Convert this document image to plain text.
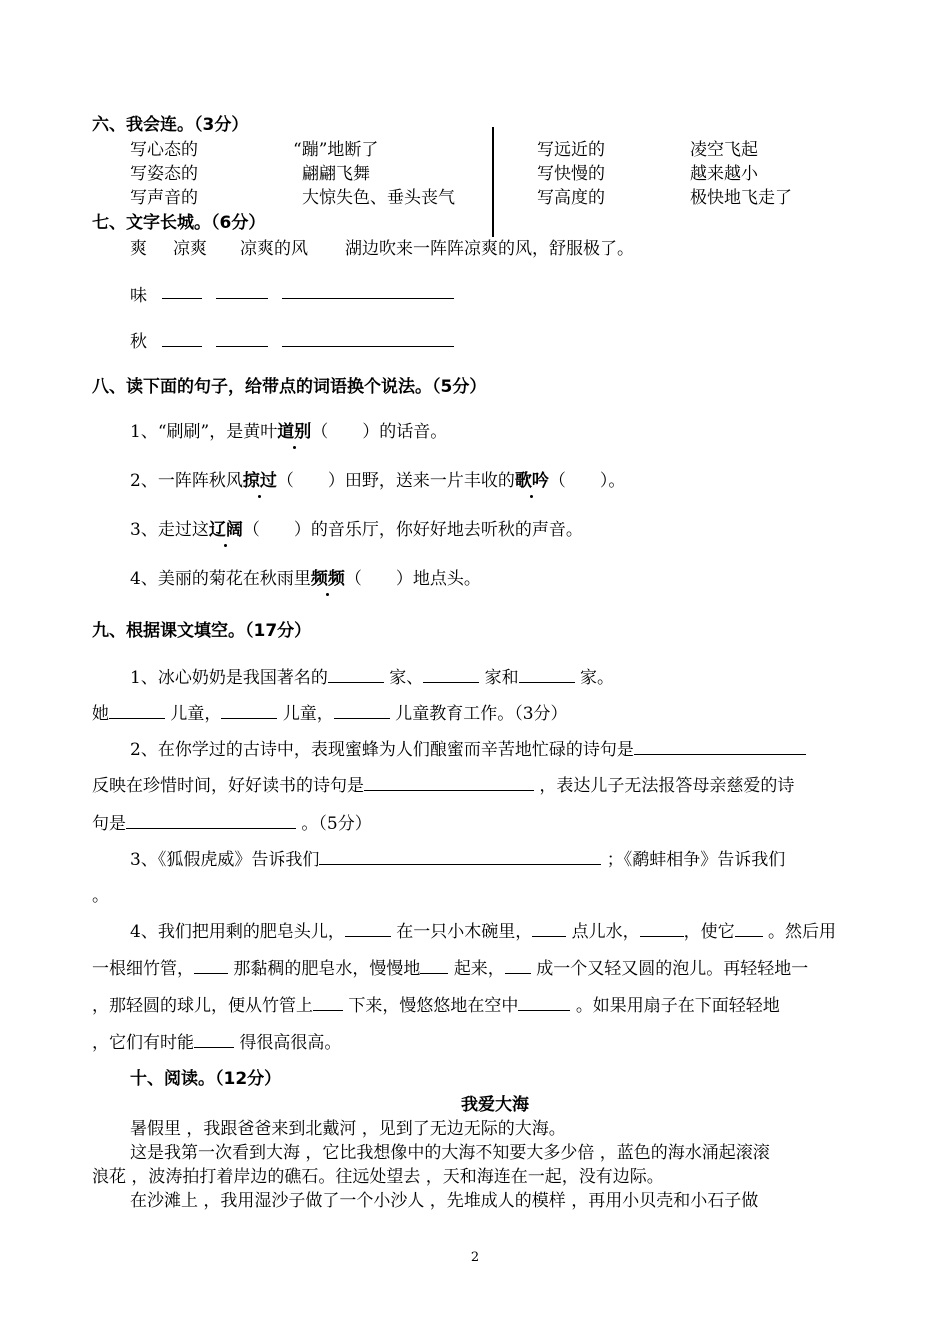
六、我会连。（3分）
写心态的	“蹦”地断了
写姿态的	翩翩飞舞
写声音的	大惊失色、垂头丧气
写远近的	凌空飞起
写快慢的	越来越小
写高度的	极快地飞走了
七、文字长城。（6分）
爽 凉爽 凉爽的风 湖边吹来一阵阵凉爽的风，舒服极了。
味
秋
八、读下面的句子，给带点的词语换个说法。（5分）
1、“刷刷”，是黄叶道别（　　）的话音。
2、一阵阵秋风掠过（　　）田野，送来一片丰收的歌吟（　　）。
3、走过这辽阔（　　）的音乐厅，你好好地去听秋的声音。
4、美丽的菊花在秋雨里频频（　　）地点头。
九、根据课文填空。（17分）
1、冰心奶奶是我国著名的	家、	家和	家。
她	儿童，	儿童，	儿童教育工作。（3分）
2、在你学过的古诗中，表现蜜蜂为人们酿蜜而辛苦地忙碌的诗句是
反映在珍惜时间，好好读书的诗句是	，表达儿子无法报答母亲慈爱的诗
句是	。（5分）
3、《狐假虎威》告诉我们	；《鹬蚌相争》告诉我们
。
4、我们把用剩的肥皂头儿，	在一只小木碗里， 点儿水，	，使它 。然后用
一根细竹管， 那黏稠的肥皂水，慢慢地 起来， 成一个又轻又圆的泡儿。再轻轻地一
，那轻圆的球儿，便从竹管上 下来，慢悠悠地在空中	。如果用扇子在下面轻轻地
，它们有时能	得很高很高。
十、阅读。（12分）
我爱大海
暑假里 ，我跟爸爸来到北戴河 ，见到了无边无际的大海。
这是我第一次看到大海 ，它比我想像中的大海不知要大多少倍 ，蓝色的海水涌起滚滚
浪花 ，波涛拍打着岸边的礁石。往远处望去 ，天和海连在一起，没有边际。
在沙滩上 ，我用湿沙子做了一个小沙人 ，先堆成人的模样 ，再用小贝壳和小石子做
2
